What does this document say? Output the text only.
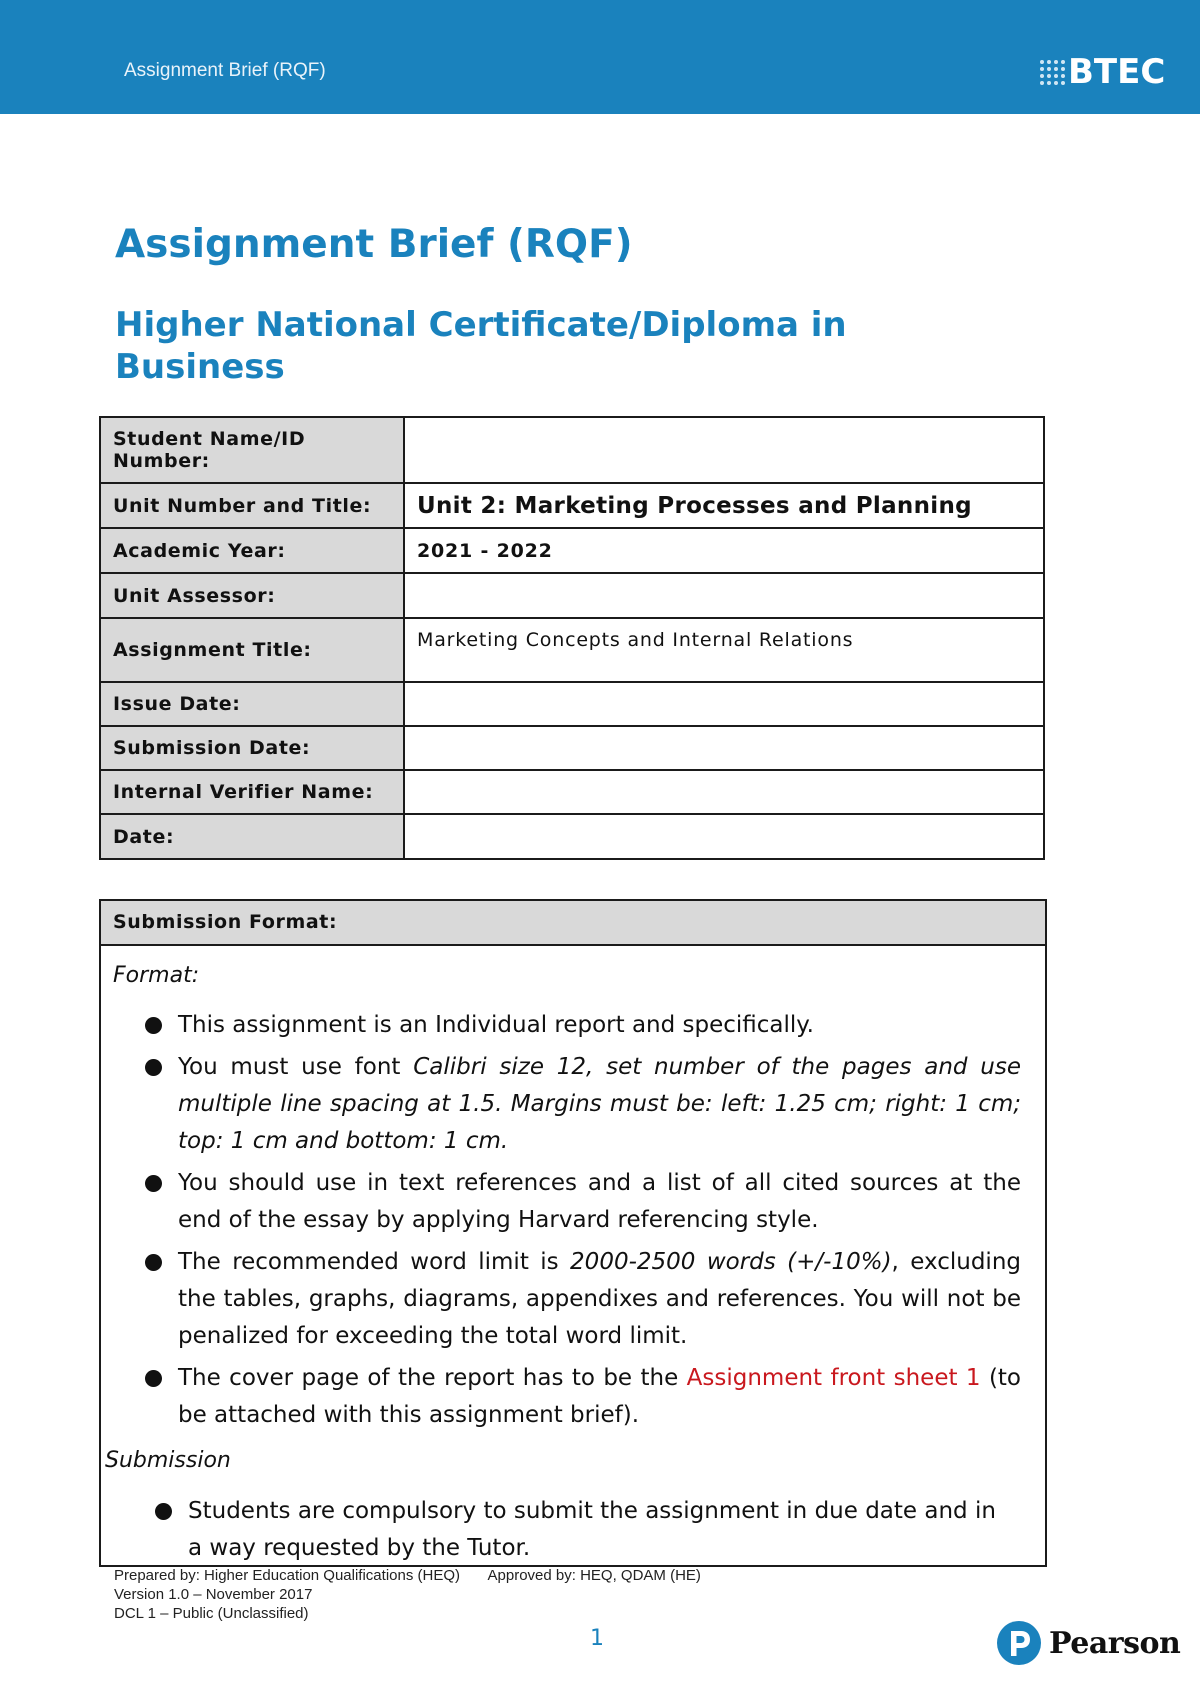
Assignment Brief (RQF)	BTEC
Assignment Brief (RQF)
Higher National Certificate/Diploma in Business
Student Name/ID Number:	
Unit Number and Title:	Unit 2: Marketing Processes and Planning
Academic Year:	2021 - 2022
Unit Assessor:	
Assignment Title:	Marketing Concepts and Internal Relations
Issue Date:	
Submission Date:	
Internal Verifier Name:	
Date:	
Submission Format:
Format:
This assignment is an Individual report and specifically.
You must use font Calibri size 12, set number of the pages and use multiple line spacing at 1.5. Margins must be: left: 1.25 cm; right: 1 cm; top: 1 cm and bottom: 1 cm.
You should use in text references and a list of all cited sources at the end of the essay by applying Harvard referencing style.
The recommended word limit is 2000-2500 words (+/-10%), excluding the tables, graphs, diagrams, appendixes and references. You will not be penalized for exceeding the total word limit.
The cover page of the report has to be the Assignment front sheet 1 (to be attached with this assignment brief).
Submission
Students are compulsory to submit the assignment in due date and in a way requested by the Tutor.
Prepared by: Higher Education Qualifications (HEQ) Approved by: HEQ, QDAM (HE)
Version 1.0 – November 2017
DCL 1 – Public (Unclassified)
1	Pearson
